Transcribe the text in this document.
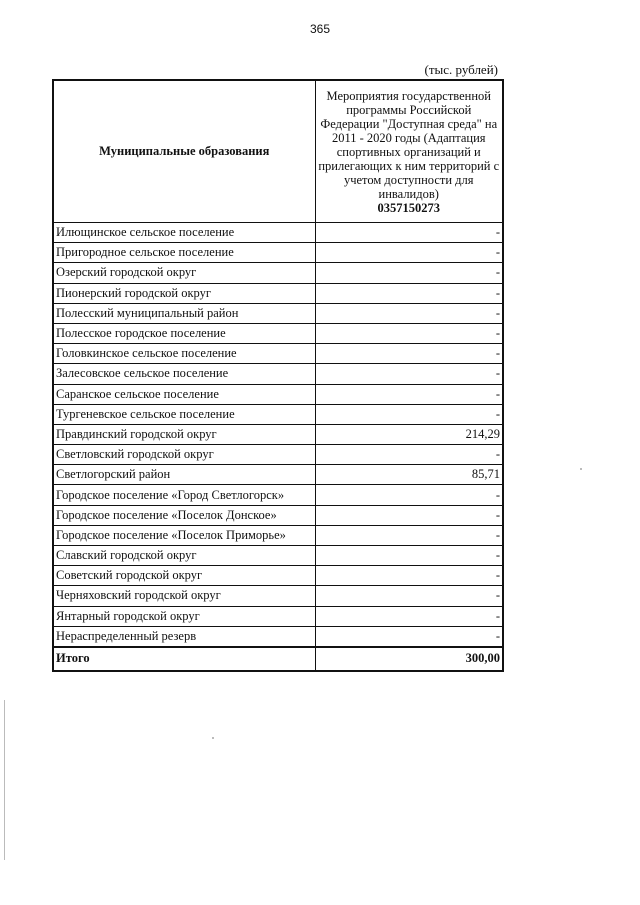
365
(тыс. рублей)
Муниципальные образования	Мероприятия государственной программы Российской Федерации "Доступная среда" на 2011 - 2020 годы (Адаптация спортивных организаций и прилегающих к ним территорий с учетом доступности для инвалидов)
0357150273

Илющинское сельское поселение	-
Пригородное сельское поселение	-
Озерский городской округ	-
Пионерский городской округ	-
Полесский муниципальный район	-
Полесское городское поселение	-
Головкинское сельское поселение	-
Залесовское сельское поселение	-
Саранское сельское поселение	-
Тургеневское сельское поселение	-
Правдинский городской округ	214,29
Светловский городской округ	-
Светлогорский район	85,71
Городское поселение «Город Светлогорск»	-
Городское поселение «Поселок Донское»	-
Городское поселение «Поселок Приморье»	-
Славский городской округ	-
Советский городской округ	-
Черняховский городской округ	-
Янтарный городской округ	-
Нераспределенный резерв	-
Итого	300,00
